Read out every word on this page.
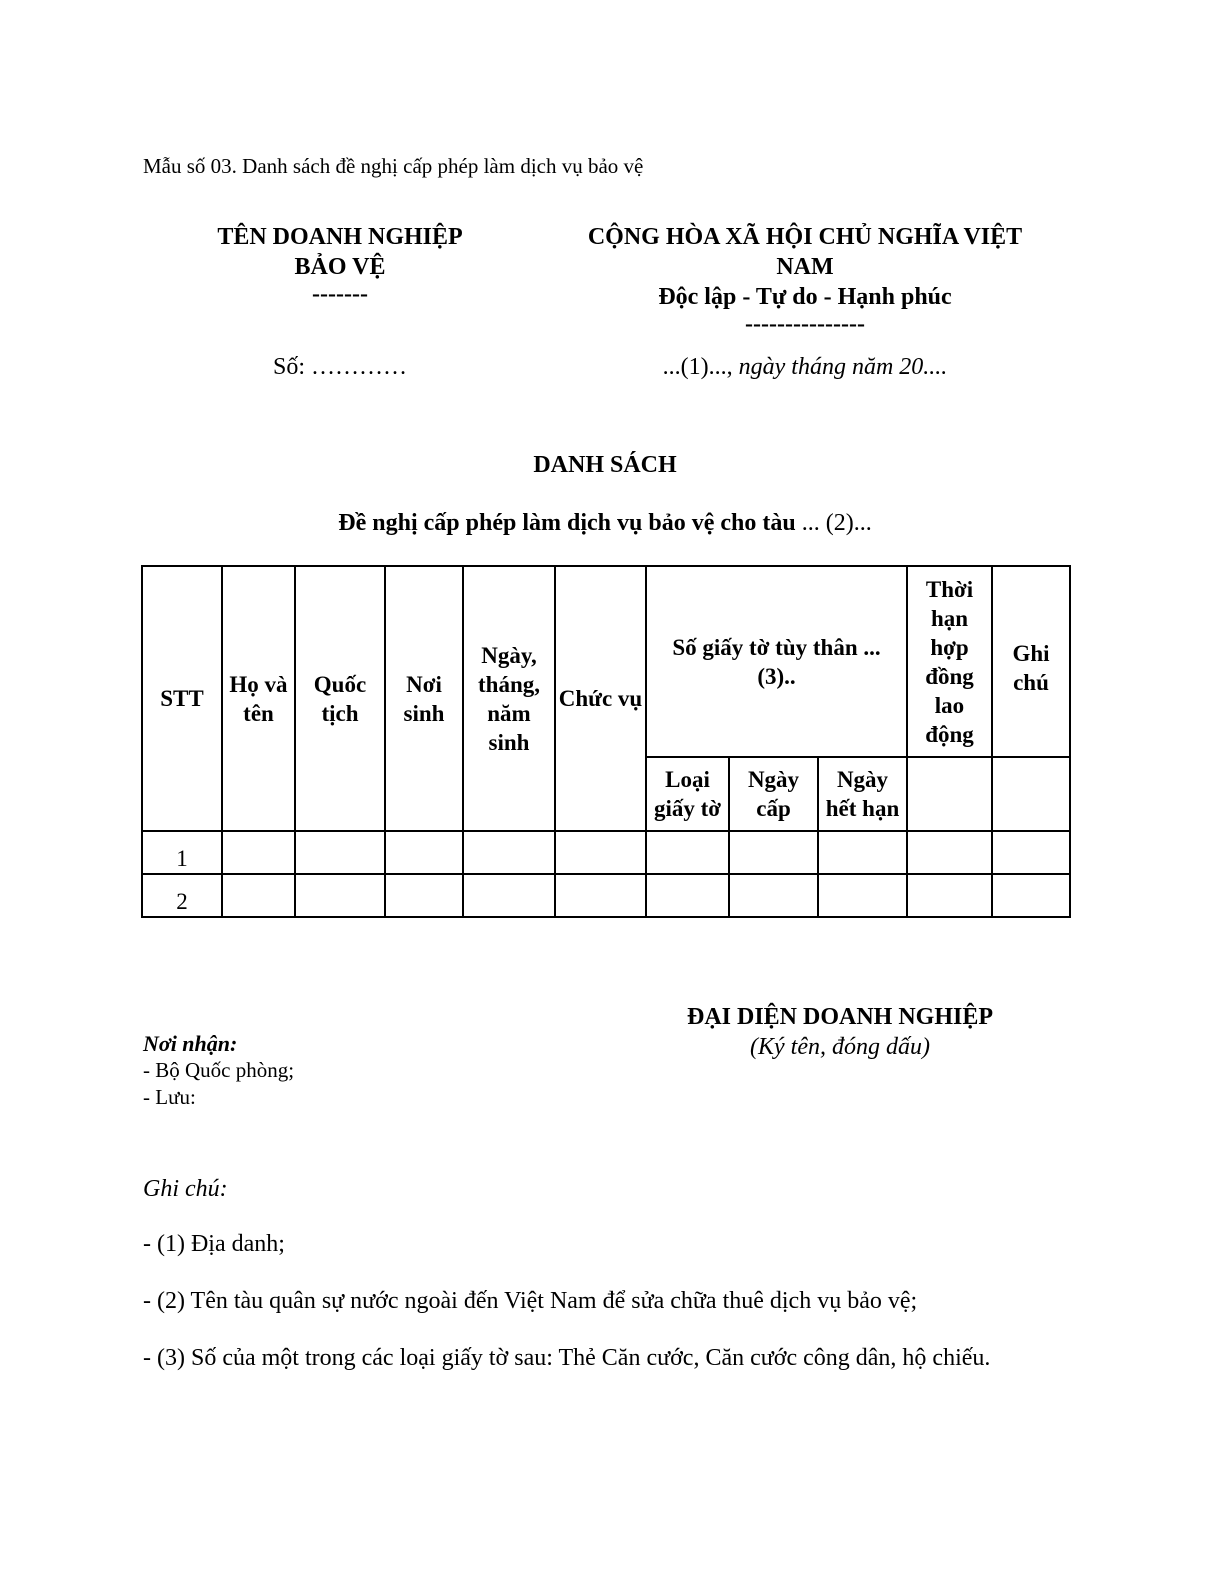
Mẫu số 03. Danh sách đề nghị cấp phép làm dịch vụ bảo vệ
TÊN DOANH NGHIỆP
BẢO VỆ
-------
CỘNG HÒA XÃ HỘI CHỦ NGHĨA VIỆT
NAM
Độc lập - Tự do - Hạnh phúc
---------------
Số: …………	...(1)..., ngày tháng năm 20....
DANH SÁCH
Đề nghị cấp phép làm dịch vụ bảo vệ cho tàu ... (2)...
STT	Họ và tên	Quốc tịch	Nơi sinh	Ngày, tháng, năm sinh	Chức vụ	Số giấy tờ tùy thân ... (3)..			Thời hạn hợp đồng lao động	Ghi chú
						Loại giấy tờ	Ngày cấp	Ngày hết hạn		
1										
2										
ĐẠI DIỆN DOANH NGHIỆP
(Ký tên, đóng dấu)
Nơi nhận:
- Bộ Quốc phòng;
- Lưu:
Ghi chú:
- (1) Địa danh;
- (2) Tên tàu quân sự nước ngoài đến Việt Nam để sửa chữa thuê dịch vụ bảo vệ;
- (3) Số của một trong các loại giấy tờ sau: Thẻ Căn cước, Căn cước công dân, hộ chiếu.
